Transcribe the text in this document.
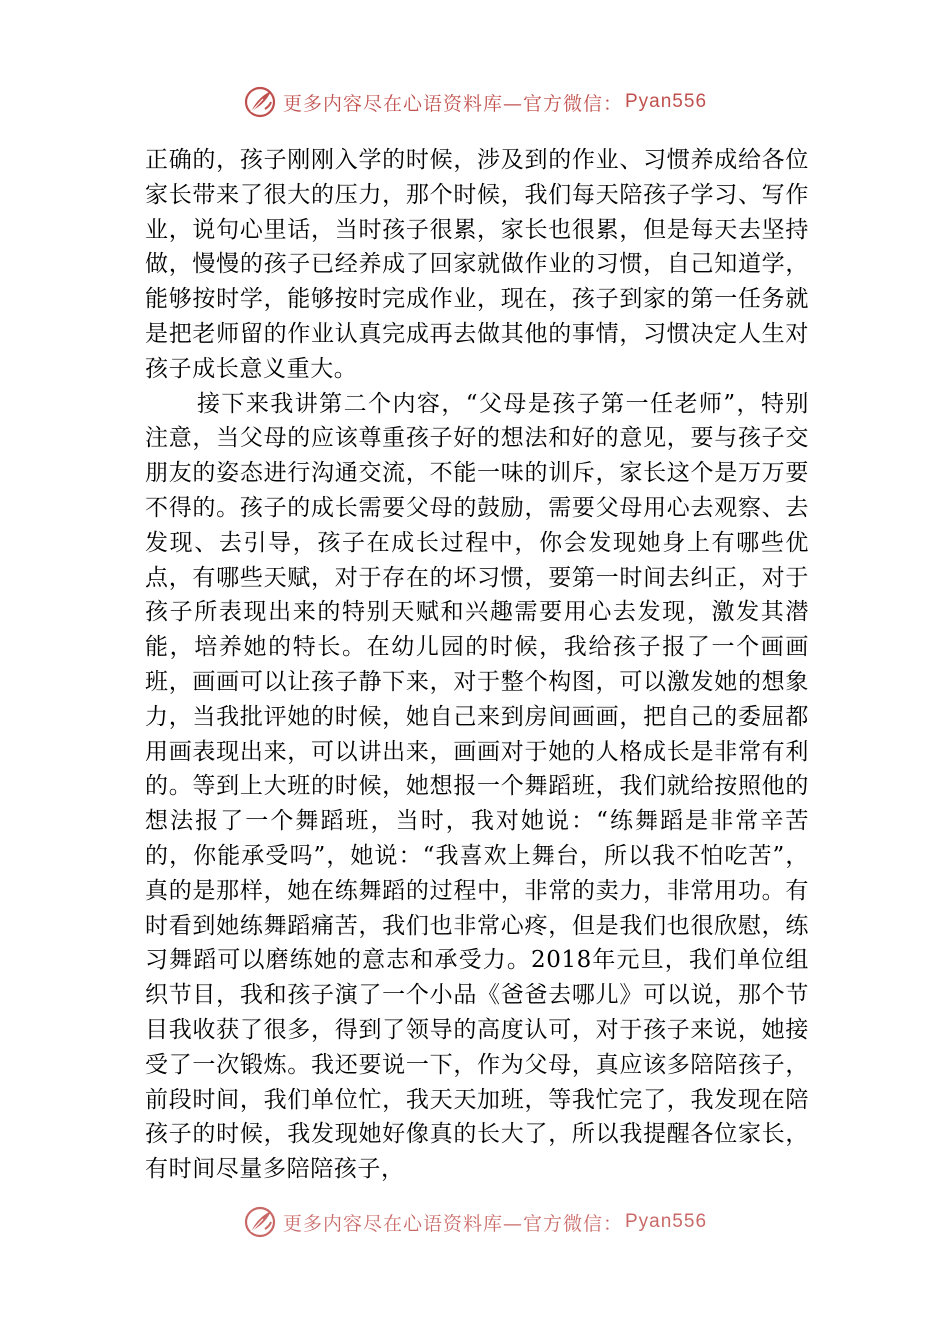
更多内容尽在心语资料库—官方微信： Pyan556

正确的，孩子刚刚入学的时候，涉及到的作业、习惯养成给各位家长带来了很大的压力，那个时候，我们每天陪孩子学习、写作业，说句心里话，当时孩子很累，家长也很累，但是每天去坚持做，慢慢的孩子已经养成了回家就做作业的习惯，自己知道学，能够按时学，能够按时完成作业，现在，孩子到家的第一任务就是把老师留的作业认真完成再去做其他的事情，习惯决定人生对孩子成长意义重大。

接下来我讲第二个内容，“父母是孩子第一任老师”，特别注意，当父母的应该尊重孩子好的想法和好的意见，要与孩子交朋友的姿态进行沟通交流，不能一味的训斥，家长这个是万万要不得的。孩子的成长需要父母的鼓励，需要父母用心去观察、去发现、去引导，孩子在成长过程中，你会发现她身上有哪些优点，有哪些天赋，对于存在的坏习惯，要第一时间去纠正，对于孩子所表现出来的特别天赋和兴趣需要用心去发现，激发其潜能，培养她的特长。在幼儿园的时候，我给孩子报了一个画画班，画画可以让孩子静下来，对于整个构图，可以激发她的想象力，当我批评她的时候，她自己来到房间画画，把自己的委屈都用画表现出来，可以讲出来，画画对于她的人格成长是非常有利的。等到上大班的时候，她想报一个舞蹈班，我们就给按照他的想法报了一个舞蹈班，当时，我对她说：“练舞蹈是非常辛苦的，你能承受吗”，她说：“我喜欢上舞台，所以我不怕吃苦”，真的是那样，她在练舞蹈的过程中，非常的卖力，非常用功。有时看到她练舞蹈痛苦，我们也非常心疼，但是我们也很欣慰，练习舞蹈可以磨练她的意志和承受力。2018年元旦，我们单位组织节目，我和孩子演了一个小品《爸爸去哪儿》可以说，那个节目我收获了很多，得到了领导的高度认可，对于孩子来说，她接受了一次锻炼。我还要说一下，作为父母，真应该多陪陪孩子，前段时间，我们单位忙，我天天加班，等我忙完了，我发现在陪孩子的时候，我发现她好像真的长大了，所以我提醒各位家长，有时间尽量多陪陪孩子，

更多内容尽在心语资料库—官方微信： Pyan556
